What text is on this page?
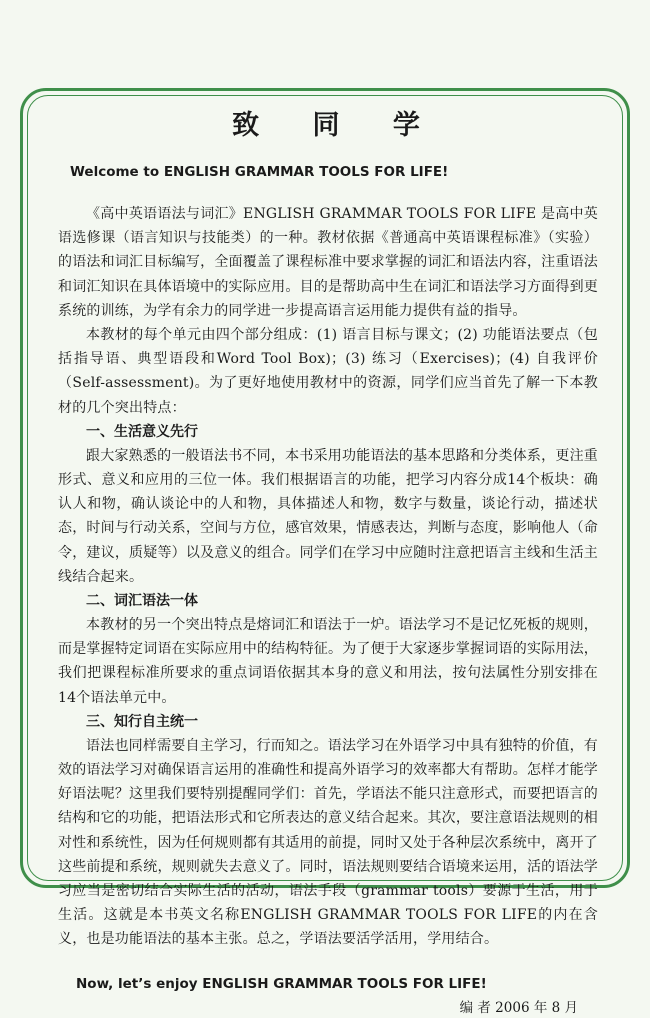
致 同 学
Welcome to ENGLISH GRAMMAR TOOLS FOR LIFE!

《高中英语语法与词汇》ENGLISH GRAMMAR TOOLS FOR LIFE 是高中英语选修课（语言知识与技能类）的一种。教材依据《普通高中英语课程标准》（实验）的语法和词汇目标编写，全面覆盖了课程标准中要求掌握的词汇和语法内容，注重语法和词汇知识在具体语境中的实际应用。目的是帮助高中生在词汇和语法学习方面得到更系统的训练，为学有余力的同学进一步提高语言运用能力提供有益的指导。

本教材的每个单元由四个部分组成：(1) 语言目标与课文；(2) 功能语法要点（包括指导语、典型语段和Word Tool Box)；(3) 练习（Exercises)；(4) 自我评价（Self-assessment)。为了更好地使用教材中的资源，同学们应当首先了解一下本教材的几个突出特点：

一、生活意义先行

跟大家熟悉的一般语法书不同，本书采用功能语法的基本思路和分类体系，更注重形式、意义和应用的三位一体。我们根据语言的功能，把学习内容分成14个板块：确认人和物，确认谈论中的人和物，具体描述人和物，数字与数量，谈论行动，描述状态，时间与行动关系，空间与方位，感官效果，情感表达，判断与态度，影响他人（命令，建议，质疑等）以及意义的组合。同学们在学习中应随时注意把语言主线和生活主线结合起来。

二、词汇语法一体

本教材的另一个突出特点是熔词汇和语法于一炉。语法学习不是记忆死板的规则，而是掌握特定词语在实际应用中的结构特征。为了便于大家逐步掌握词语的实际用法，我们把课程标准所要求的重点词语依据其本身的意义和用法，按句法属性分别安排在14个语法单元中。

三、知行自主统一

语法也同样需要自主学习，行而知之。语法学习在外语学习中具有独特的价值，有效的语法学习对确保语言运用的准确性和提高外语学习的效率都大有帮助。怎样才能学好语法呢？这里我们要特别提醒同学们：首先，学语法不能只注意形式，而要把语言的结构和它的功能，把语法形式和它所表达的意义结合起来。其次，要注意语法规则的相对性和系统性，因为任何规则都有其适用的前提，同时又处于各种层次系统中，离开了这些前提和系统，规则就失去意义了。同时，语法规则要结合语境来运用，活的语法学习应当是密切结合实际生活的活动，语法手段（grammar tools）要源于生活，用于生活。这就是本书英文名称ENGLISH GRAMMAR TOOLS FOR LIFE的内在含义，也是功能语法的基本主张。总之，学语法要活学活用，学用结合。

Now, let’s enjoy ENGLISH GRAMMAR TOOLS FOR LIFE!
编 者 2006 年 8 月
